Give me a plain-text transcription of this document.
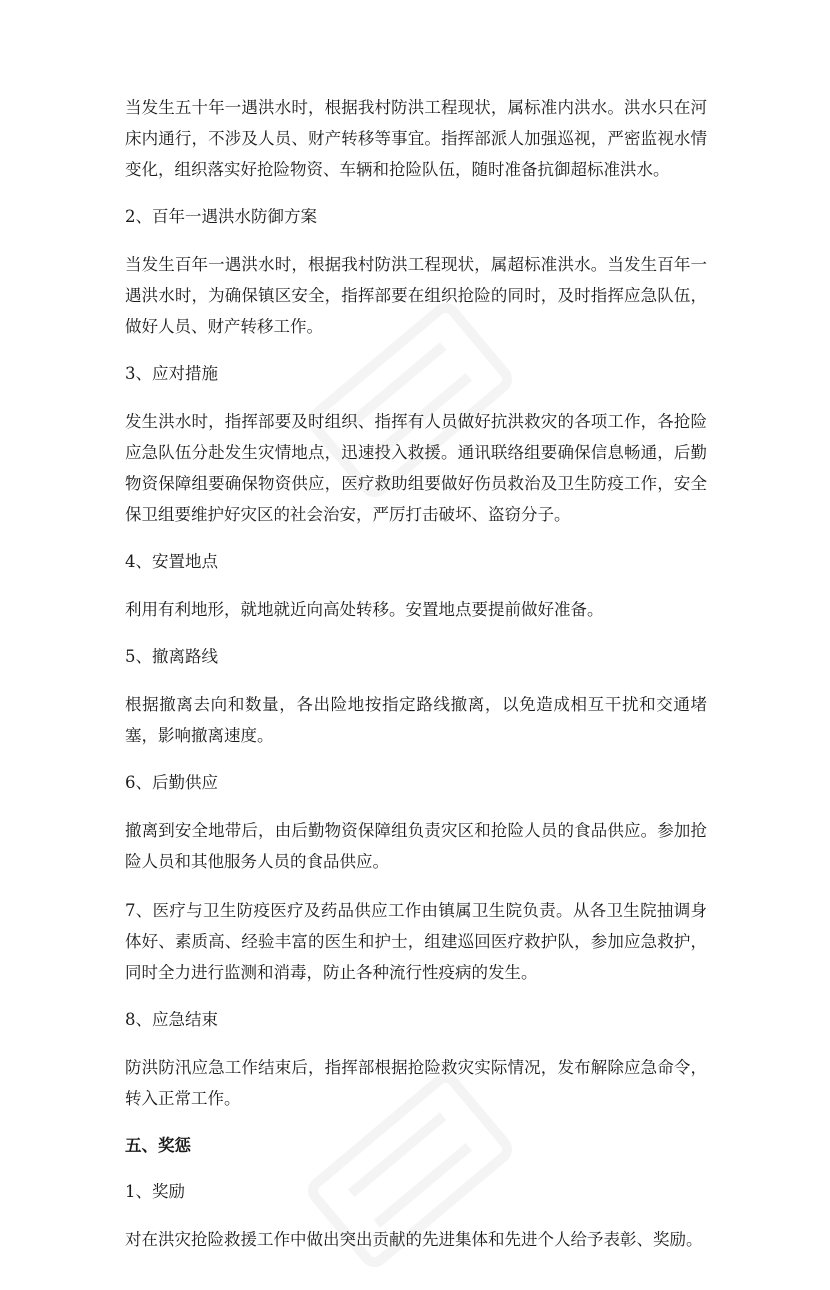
当发生五十年一遇洪水时，根据我村防洪工程现状，属标准内洪水。洪水只在河床内通行，不涉及人员、财产转移等事宜。指挥部派人加强巡视，严密监视水情变化，组织落实好抢险物资、车辆和抢险队伍，随时准备抗御超标准洪水。

2、百年一遇洪水防御方案

当发生百年一遇洪水时，根据我村防洪工程现状，属超标准洪水。当发生百年一遇洪水时，为确保镇区安全，指挥部要在组织抢险的同时，及时指挥应急队伍，做好人员、财产转移工作。

3、应对措施

发生洪水时，指挥部要及时组织、指挥有人员做好抗洪救灾的各项工作，各抢险应急队伍分赴发生灾情地点，迅速投入救援。通讯联络组要确保信息畅通，后勤物资保障组要确保物资供应，医疗救助组要做好伤员救治及卫生防疫工作，安全保卫组要维护好灾区的社会治安，严厉打击破坏、盗窃分子。

4、安置地点

利用有利地形，就地就近向高处转移。安置地点要提前做好准备。

5、撤离路线

根据撤离去向和数量，各出险地按指定路线撤离，以免造成相互干扰和交通堵塞，影响撤离速度。

6、后勤供应

撤离到安全地带后，由后勤物资保障组负责灾区和抢险人员的食品供应。参加抢险人员和其他服务人员的食品供应。

7、医疗与卫生防疫医疗及药品供应工作由镇属卫生院负责。从各卫生院抽调身体好、素质高、经验丰富的医生和护士，组建巡回医疗救护队，参加应急救护，同时全力进行监测和消毒，防止各种流行性疫病的发生。

8、应急结束

防洪防汛应急工作结束后，指挥部根据抢险救灾实际情况，发布解除应急命令，转入正常工作。

五、奖惩

1、奖励

对在洪灾抢险救援工作中做出突出贡献的先进集体和先进个人给予表彰、奖励。
